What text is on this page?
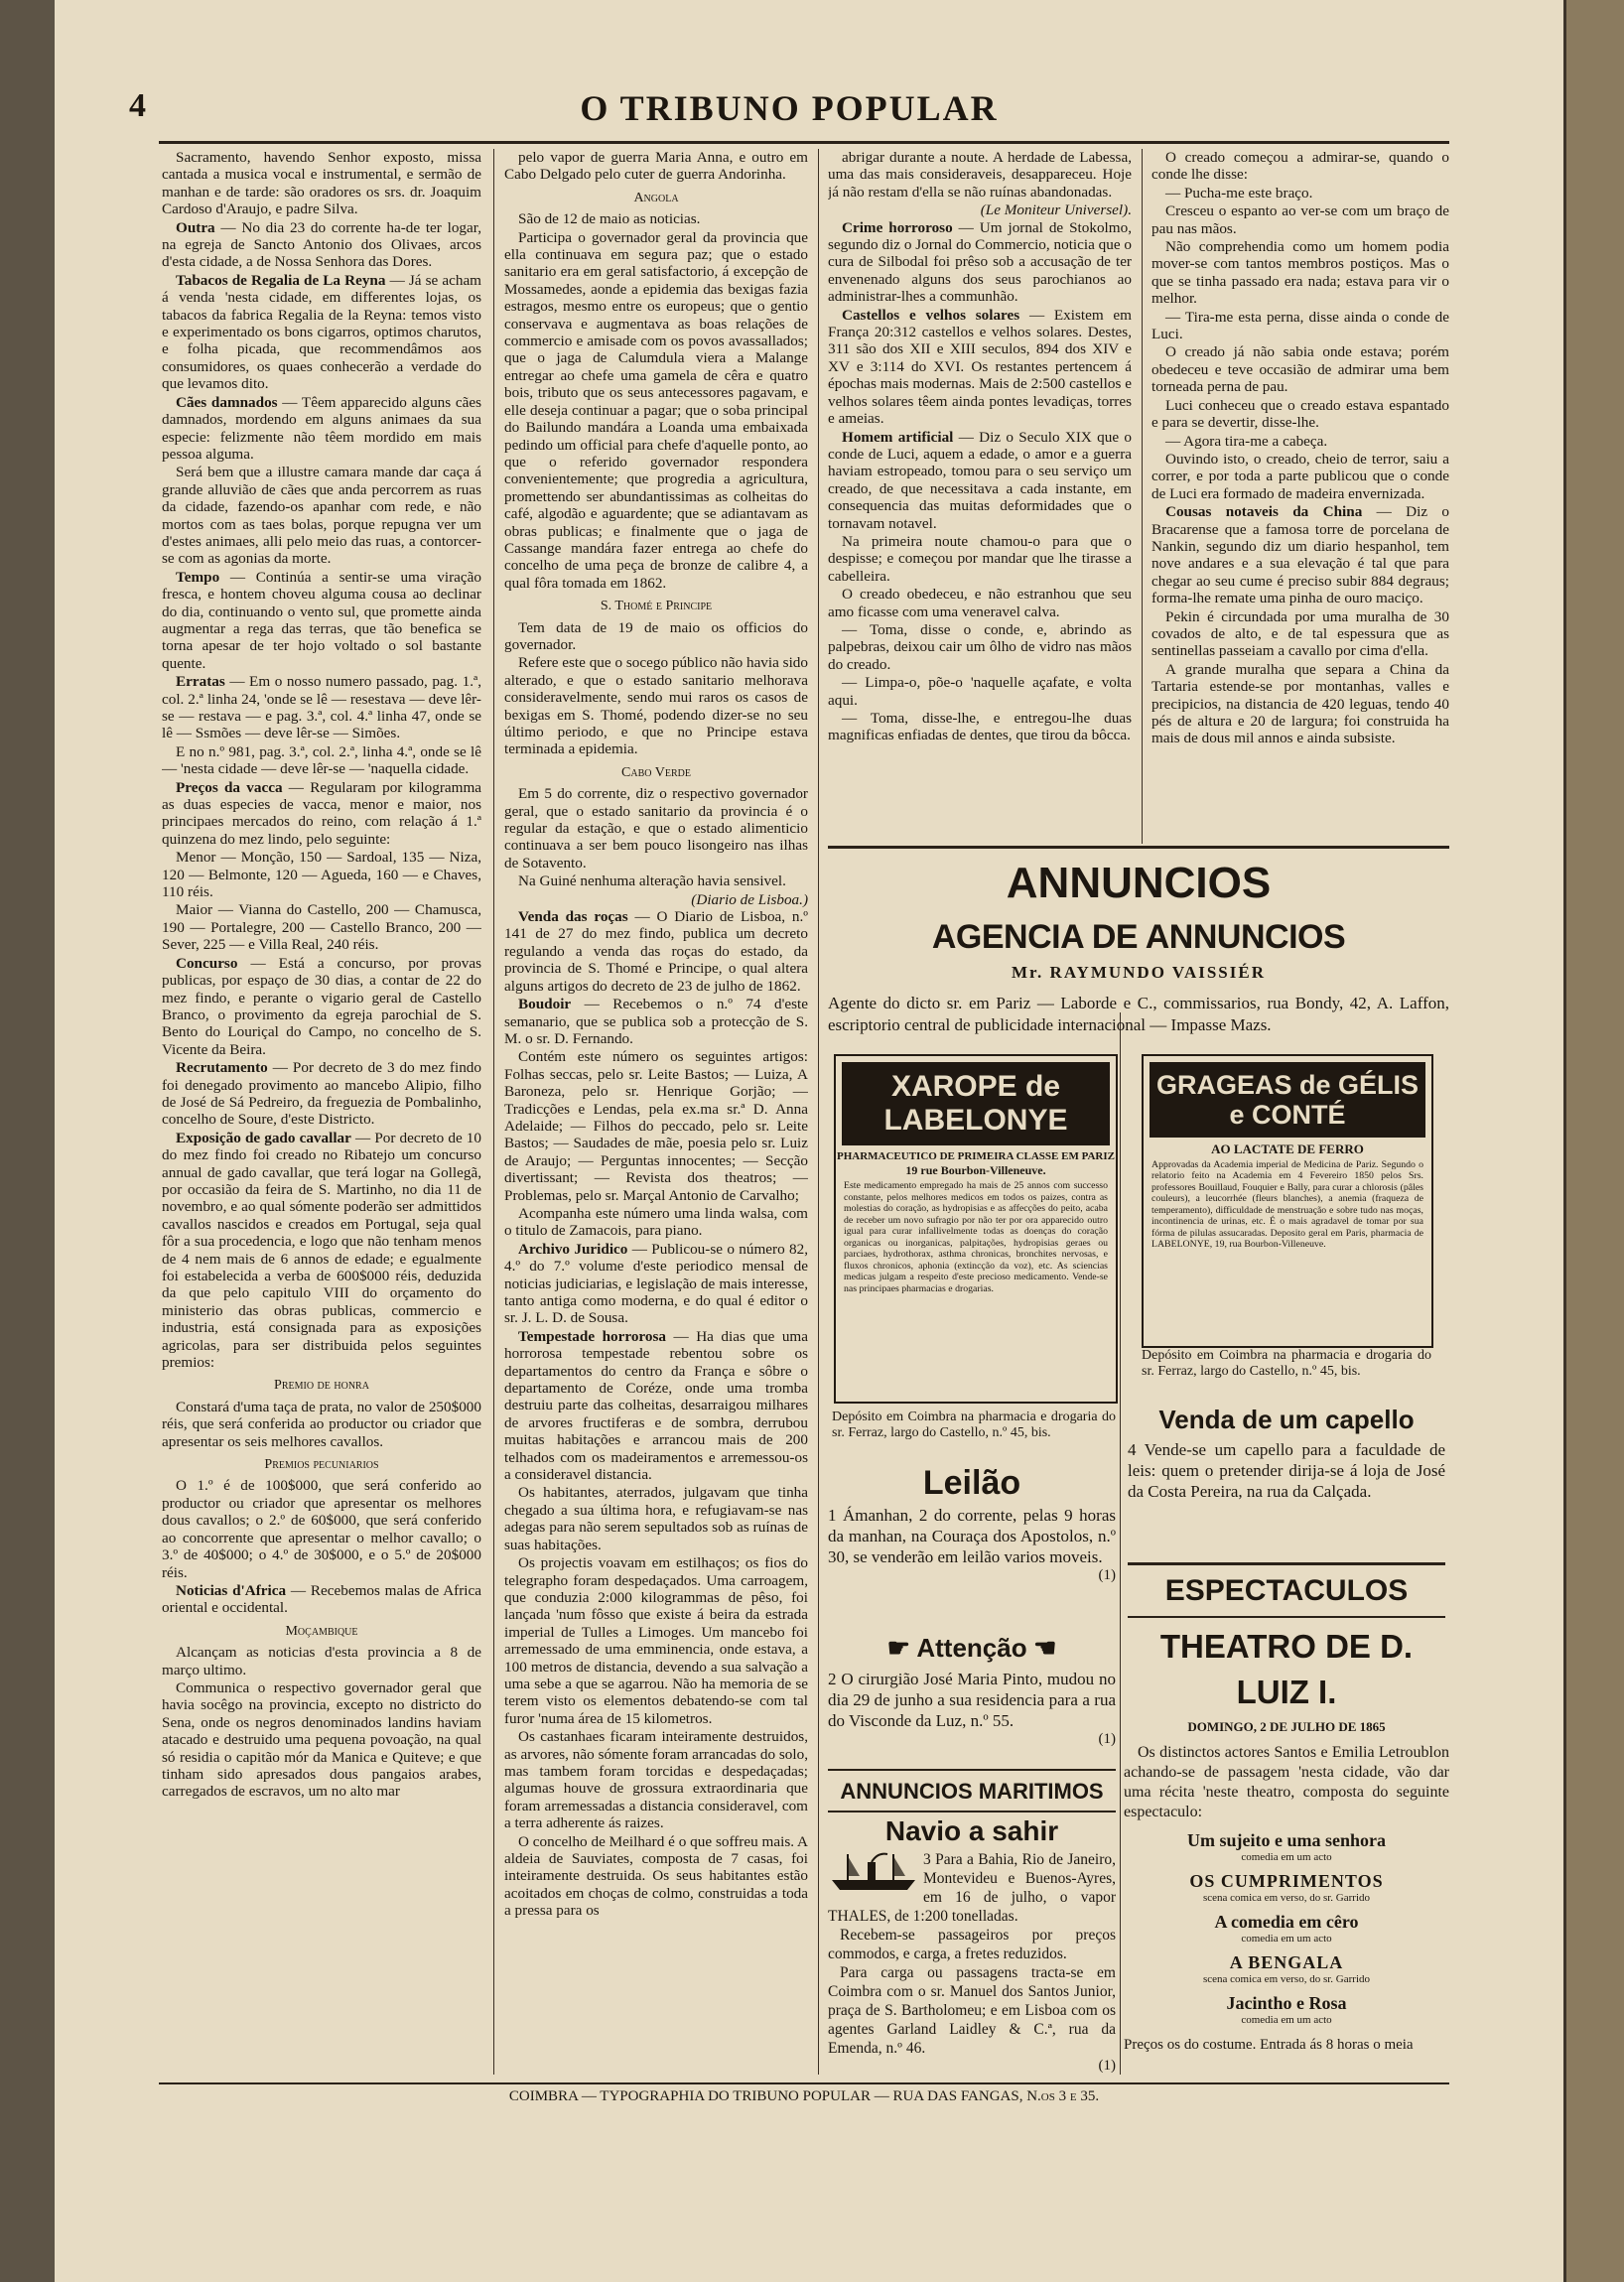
4	O TRIBUNO POPULAR

Sacramento, havendo Senhor exposto, missa cantada a musica vocal e instrumental, e sermão de manhan e de tarde: são oradores os srs. dr. Joaquim Cardoso d'Araujo, e padre Silva.

Outra — No dia 23 do corrente ha-de ter logar, na egreja de Sancto Antonio dos Olivaes, arcos d'esta cidade, a de Nossa Senhora das Dores.

Tabacos de Regalia de La Reyna — Já se acham á venda 'nesta cidade, em differentes lojas, os tabacos da fabrica Regalia de la Reyna: temos visto e experimentado os bons cigarros, optimos charutos, e folha picada, que recommendâmos aos consumidores, os quaes conhecerão a verdade do que levamos dito.

Cães damnados — Têem apparecido alguns cães damnados, mordendo em alguns animaes da sua especie: felizmente não têem mordido em mais pessoa alguma.

Será bem que a illustre camara mande dar caça á grande alluvião de cães que anda percorrem as ruas da cidade, fazendo-os apanhar com rede, e não mortos com as taes bolas, porque repugna ver um d'estes animaes, alli pelo meio das ruas, a contorcer-se com as agonias da morte.

Tempo — Continúa a sentir-se uma viração fresca, e hontem choveu alguma cousa ao declinar do dia, continuando o vento sul, que promette ainda augmentar a rega das terras, que tão benefica se torna apesar de ter hojo voltado o sol bastante quente.

Erratas — Em o nosso numero passado, pag. 1.ª, col. 2.ª linha 24, 'onde se lê — resestava — deve lêr-se — restava — e pag. 3.ª, col. 4.ª linha 47, onde se lê — Ssmões — deve lêr-se — Simões.

E no n.º 981, pag. 3.ª, col. 2.ª, linha 4.ª, onde se lê — 'nesta cidade — deve lêr-se — 'naquella cidade.

Preços da vacca — Regularam por kilogramma as duas especies de vacca, menor e maior, nos principaes mercados do reino, com relação á 1.ª quinzena do mez lindo, pelo seguinte:

Menor — Monção, 150 — Sardoal, 135 — Niza, 120 — Belmonte, 120 — Agueda, 160 — e Chaves, 110 réis.

Maior — Vianna do Castello, 200 — Chamusca, 190 — Portalegre, 200 — Castello Branco, 200 — Sever, 225 — e Villa Real, 240 réis.

Concurso — Está a concurso, por provas publicas, por espaço de 30 dias, a contar de 22 do mez findo, e perante o vigario geral de Castello Branco, o provimento da egreja parochial de S. Bento do Louriçal do Campo, no concelho de S. Vicente da Beira.

Recrutamento — Por decreto de 3 do mez findo foi denegado provimento ao mancebo Alipio, filho de José de Sá Pedreiro, da freguezia de Pombalinho, concelho de Soure, d'este Districto.

Exposição de gado cavallar — Por decreto de 10 do mez findo foi creado no Ribatejo um concurso annual de gado cavallar, que terá logar na Gollegã, por occasião da feira de S. Martinho, no dia 11 de novembro, e ao qual sómente poderão ser admittidos cavallos nascidos e creados em Portugal, seja qual fôr a sua procedencia, e logo que não tenham menos de 4 nem mais de 6 annos de edade; e egualmente foi estabelecida a verba de 600$000 réis, deduzida da que pelo capitulo VIII do orçamento do ministerio das obras publicas, commercio e industria, está consignada para as exposições agricolas, para ser distribuida pelos seguintes premios:

Premio de honra

Constará d'uma taça de prata, no valor de 250$000 réis, que será conferida ao productor ou criador que apresentar os seis melhores cavallos.

Premios pecuniarios

O 1.º é de 100$000, que será conferido ao productor ou criador que apresentar os melhores dous cavallos; o 2.º de 60$000, que será conferido ao concorrente que apresentar o melhor cavallo; o 3.º de 40$000; o 4.º de 30$000, e o 5.º de 20$000 réis.

Noticias d'Africa — Recebemos malas de Africa oriental e occidental.

Moçambique

Alcançam as noticias d'esta provincia a 8 de março ultimo.

Communica o respectivo governador geral que havia socêgo na provincia, excepto no districto do Sena, onde os negros denominados landins haviam atacado e destruido uma pequena povoação, na qual só residia o capitão mór da Manica e Quiteve; e que tinham sido apresados dous pangaios arabes, carregados de escravos, um no alto mar

pelo vapor de guerra Maria Anna, e outro em Cabo Delgado pelo cuter de guerra Andorinha.

Angola

São de 12 de maio as noticias.

Participa o governador geral da provincia que ella continuava em segura paz; que o estado sanitario era em geral satisfactorio, á excepção de Mossamedes, aonde a epidemia das bexigas fazia estragos, mesmo entre os europeus; que o gentio conservava e augmentava as boas relações de commercio e amisade com os povos avassallados; que o jaga de Calumdula viera a Malange entregar ao chefe uma gamela de cêra e quatro bois, tributo que os seus antecessores pagavam, e elle deseja continuar a pagar; que o soba principal do Bailundo mandára a Loanda uma embaixada pedindo um official para chefe d'aquelle ponto, ao que o referido governador respondera convenientemente; que progredia a agricultura, promettendo ser abundantissimas as colheitas do café, algodão e aguardente; que se adiantavam as obras publicas; e finalmente que o jaga de Cassange mandára fazer entrega ao chefe do concelho de uma peça de bronze de calibre 4, a qual fôra tomada em 1862.

S. Thomé e Principe

Tem data de 19 de maio os officios do governador.

Refere este que o socego público não havia sido alterado, e que o estado sanitario melhorava consideravelmente, sendo mui raros os casos de bexigas em S. Thomé, podendo dizer-se no seu último periodo, e que no Principe estava terminada a epidemia.

Cabo Verde

Em 5 do corrente, diz o respectivo governador geral, que o estado sanitario da provincia é o regular da estação, e que o estado alimenticio continuava a ser bem pouco lisongeiro nas ilhas de Sotavento.

Na Guiné nenhuma alteração havia sensivel.

(Diario de Lisboa.)

Venda das roças — O Diario de Lisboa, n.º 141 de 27 do mez findo, publica um decreto regulando a venda das roças do estado, da provincia de S. Thomé e Principe, o qual altera alguns artigos do decreto de 23 de julho de 1862.

Boudoir — Recebemos o n.º 74 d'este semanario, que se publica sob a protecção de S. M. o sr. D. Fernando.

Contém este número os seguintes artigos: Folhas seccas, pelo sr. Leite Bastos; — Luiza, A Baroneza, pelo sr. Henrique Gorjão; — Tradicções e Lendas, pela ex.ma sr.ª D. Anna Adelaide; — Filhos do peccado, pelo sr. Leite Bastos; — Saudades de mãe, poesia pelo sr. Luiz de Araujo; — Perguntas innocentes; — Secção divertissant; — Revista dos theatros; — Problemas, pelo sr. Marçal Antonio de Carvalho;

Acompanha este número uma linda walsa, com o titulo de Zamacois, para piano.

Archivo Juridico — Publicou-se o número 82, 4.º do 7.º volume d'este periodico mensal de noticias judiciarias, e legislação de mais interesse, tanto antiga como moderna, e do qual é editor o sr. J. L. D. de Sousa.

Tempestade horrorosa — Ha dias que uma horrorosa tempestade rebentou sobre os departamentos do centro da França e sôbre o departamento de Coréze, onde uma tromba destruiu parte das colheitas, desarraigou milhares de arvores fructiferas e de sombra, derrubou muitas habitações e arrancou mais de 200 telhados com os madeiramentos e arremessou-os a consideravel distancia.

Os habitantes, aterrados, julgavam que tinha chegado a sua última hora, e refugiavam-se nas adegas para não serem sepultados sob as ruínas de suas habitações.

Os projectis voavam em estilhaços; os fios do telegrapho foram despedaçados. Uma carroagem, que conduzia 2:000 kilogrammas de pêso, foi lançada 'num fôsso que existe á beira da estrada imperial de Tulles a Limoges. Um mancebo foi arremessado de uma emminencia, onde estava, a 100 metros de distancia, devendo a sua salvação a uma sebe a que se agarrou. Não ha memoria de se terem visto os elementos debatendo-se com tal furor 'numa área de 15 kilometros.

Os castanhaes ficaram inteiramente destruidos, as arvores, não sómente foram arrancadas do solo, mas tambem foram torcidas e despedaçadas; algumas houve de grossura extraordinaria que foram arremessadas a distancia consideravel, com a terra adherente ás raizes.

O concelho de Meilhard é o que soffreu mais. A aldeia de Sauviates, composta de 7 casas, foi inteiramente destruida. Os seus habitantes estão acoitados em choças de colmo, construidas a toda a pressa para os

abrigar durante a noute. A herdade de Labessa, uma das mais consideraveis, desappareceu. Hoje já não restam d'ella se não ruínas abandonadas.

(Le Moniteur Universel).

Crime horroroso — Um jornal de Stokolmo, segundo diz o Jornal do Commercio, noticia que o cura de Silbodal foi prêso sob a accusação de ter envenenado alguns dos seus parochianos ao administrar-lhes a communhão.

Castellos e velhos solares — Existem em França 20:312 castellos e velhos solares. Destes, 311 são dos XII e XIII seculos, 894 dos XIV e XV e 3:114 do XVI. Os restantes pertencem á épochas mais modernas. Mais de 2:500 castellos e velhos solares têem ainda pontes levadiças, torres e ameias.

Homem artificial — Diz o Seculo XIX que o conde de Luci, aquem a edade, o amor e a guerra haviam estropeado, tomou para o seu serviço um creado, de que necessitava a cada instante, em consequencia das muitas deformidades que o tornavam notavel.

Na primeira noute chamou-o para que o despisse; e começou por mandar que lhe tirasse a cabelleira.

O creado obedeceu, e não estranhou que seu amo ficasse com uma veneravel calva.

— Toma, disse o conde, e, abrindo as palpebras, deixou cair um ôlho de vidro nas mãos do creado.

— Limpa-o, põe-o 'naquelle açafate, e volta aqui.

— Toma, disse-lhe, e entregou-lhe duas magnificas enfiadas de dentes, que tirou da bôcca.

O creado começou a admirar-se, quando o conde lhe disse:

— Pucha-me este braço.

Cresceu o espanto ao ver-se com um braço de pau nas mãos.

Não comprehendia como um homem podia mover-se com tantos membros postiços. Mas o que se tinha passado era nada; estava para vir o melhor.

— Tira-me esta perna, disse ainda o conde de Luci.

O creado já não sabia onde estava; porém obedeceu e teve occasião de admirar uma bem torneada perna de pau.

Luci conheceu que o creado estava espantado e para se devertir, disse-lhe.

— Agora tira-me a cabeça.

Ouvindo isto, o creado, cheio de terror, saiu a correr, e por toda a parte publicou que o conde de Luci era formado de madeira envernizada.

Cousas notaveis da China — Diz o Bracarense que a famosa torre de porcelana de Nankin, segundo diz um diario hespanhol, tem nove andares e a sua elevação é tal que para chegar ao seu cume é preciso subir 884 degraus; forma-lhe remate uma pinha de ouro maciço.

Pekin é circundada por uma muralha de 30 covados de alto, e de tal espessura que as sentinellas passeiam a cavallo por cima d'ella.

A grande muralha que separa a China da Tartaria estende-se por montanhas, valles e precipicios, na distancia de 420 leguas, tendo 40 pés de altura e 20 de largura; foi construida ha mais de dous mil annos e ainda subsiste.

ANNUNCIOS
AGENCIA DE ANNUNCIOS
Mr. RAYMUNDO VAISSIÉR
Agente do dicto sr. em Pariz — Laborde e C., commissarios, rua Bondy, 42, A. Laffon, escriptorio central de publicidade internacional — Impasse Mazs.
XAROPE de LABELONYE
PHARMACEUTICO DE PRIMEIRA CLASSE EM PARIZ
19 rue Bourbon-Villeneuve.
Este medicamento empregado ha mais de 25 annos com successo constante, pelos melhores medicos em todos os paizes, contra as molestias do coração, as hydropisias e as affecções do peito, acaba de receber um novo sufragio por não ter por ora apparecido outro igual para curar infallivelmente todas as doenças do coração organicas ou inorganicas, palpitações, hydropisias geraes ou parciaes, hydrothorax, asthma chronicas, bronchites nervosas, e fluxos chronicos, aphonia (extincção da voz), etc. As sciencias medicas julgam a respeito d'este precioso medicamento. Vende-se nas principaes pharmacias e drogarias.
Depósito em Coimbra na pharmacia e drogaria do sr. Ferraz, largo do Castello, n.º 45, bis.
GRAGEAS de GÉLIS e CONTÉ
AO LACTATE DE FERRO
Approvadas da Academia imperial de Medicina de Pariz. Segundo o relatorio feito na Academia em 4 Fevereiro 1850 pelos Srs. professores Bouillaud, Fouquier e Bally, para curar a chlorosis (pâles couleurs), a leucorrhée (fleurs blanches), a anemia (fraqueza de temperamento), difficuldade de menstruação e sobre tudo nas moças, incontinencia de urinas, etc. É o mais agradavel de tomar por sua fórma de pilulas assucaradas. Deposito geral em Paris, pharmacia de LABELONYE, 19, rua Bourbon-Villeneuve.
Depósito em Coimbra na pharmacia e drogaria do sr. Ferraz, largo do Castello, n.º 45, bis.
Leilão
1 Ámanhan, 2 do corrente, pelas 9 horas da manhan, na Couraça dos Apostolos, n.º 30, se venderão em leilão varios moveis.
(1)
☛ Attenção ☚
2 O cirurgião José Maria Pinto, mudou no dia 29 de junho a sua residencia para a rua do Visconde da Luz, n.º 55.
(1)
ANNUNCIOS MARITIMOS
Navio a sahir
3 Para a Bahia, Rio de Janeiro, Montevideu e Buenos-Ayres, em 16 de julho, o vapor THALES, de 1:200 tonelladas.
Recebem-se passageiros por preços commodos, e carga, a fretes reduzidos.
Para carga ou passagens tracta-se em Coimbra com o sr. Manuel dos Santos Junior, praça de S. Bartholomeu; e em Lisboa com os agentes Garland Laidley & C.ª, rua da Emenda, n.º 46.
(1)
Venda de um capello
4 Vende-se um capello para a faculdade de leis: quem o pretender dirija-se á loja de José da Costa Pereira, na rua da Calçada.
ESPECTACULOS
THEATRO DE D. LUIZ I.
DOMINGO, 2 DE JULHO DE 1865
Os distinctos actores Santos e Emilia Letroublon achando-se de passagem 'nesta cidade, vão dar uma récita 'neste theatro, composta do seguinte espectaculo:
Um sujeito e uma senhora
comedia em um acto
OS CUMPRIMENTOS
scena comica em verso, do sr. Garrido
A comedia em cêro
comedia em um acto
A BENGALA
scena comica em verso, do sr. Garrido
Jacintho e Rosa
comedia em um acto
Preços os do costume. Entrada ás 8 horas o meia
COIMBRA — TYPOGRAPHIA DO TRIBUNO POPULAR — RUA DAS FANGAS, N.os 3 e 35.
